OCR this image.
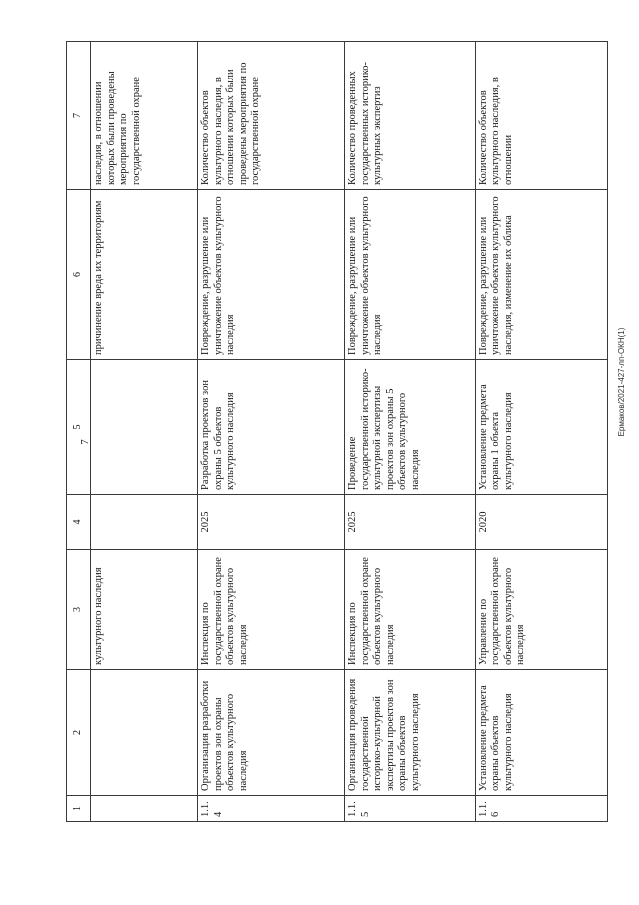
7
Ермаков/2021-427-лп-ОКН(1)
1	2	3	4	5	6	7
		культурного наследия			причинение вреда их территориям	наследия, в отношении которых были проведены мероприятия по государственной охране
1.1.4	Организация разработки проектов зон охраны объектов культурного наследия	Инспекция по государственной охране объектов культурного наследия	2025	Разработка проектов зон охраны 5 объектов культурного наследия	Повреждение, разрушение или уничтожение объектов культурного наследия	Количество объектов культурного наследия, в отношении которых были проведены мероприятия по государственной охране
1.1.5	Организация проведения государственной историко-культурной экспертизы проектов зон охраны объектов культурного наследия	Инспекция по государственной охране объектов культурного наследия	2025	Проведение государственной историко-культурной экспертизы проектов зон охраны 5 объектов культурного наследия	Повреждение, разрушение или уничтожение объектов культурного наследия	Количество проведенных государственных историко-культурных экспертиз
1.1.6	Установление предмета охраны объектов культурного наследия	Управление по государственной охране объектов культурного наследия	2020	Установление предмета охраны 1 объекта культурного наследия	Повреждение, разрушение или уничтожение объектов культурного наследия, изменение их облика	Количество объектов культурного наследия, в отношении
